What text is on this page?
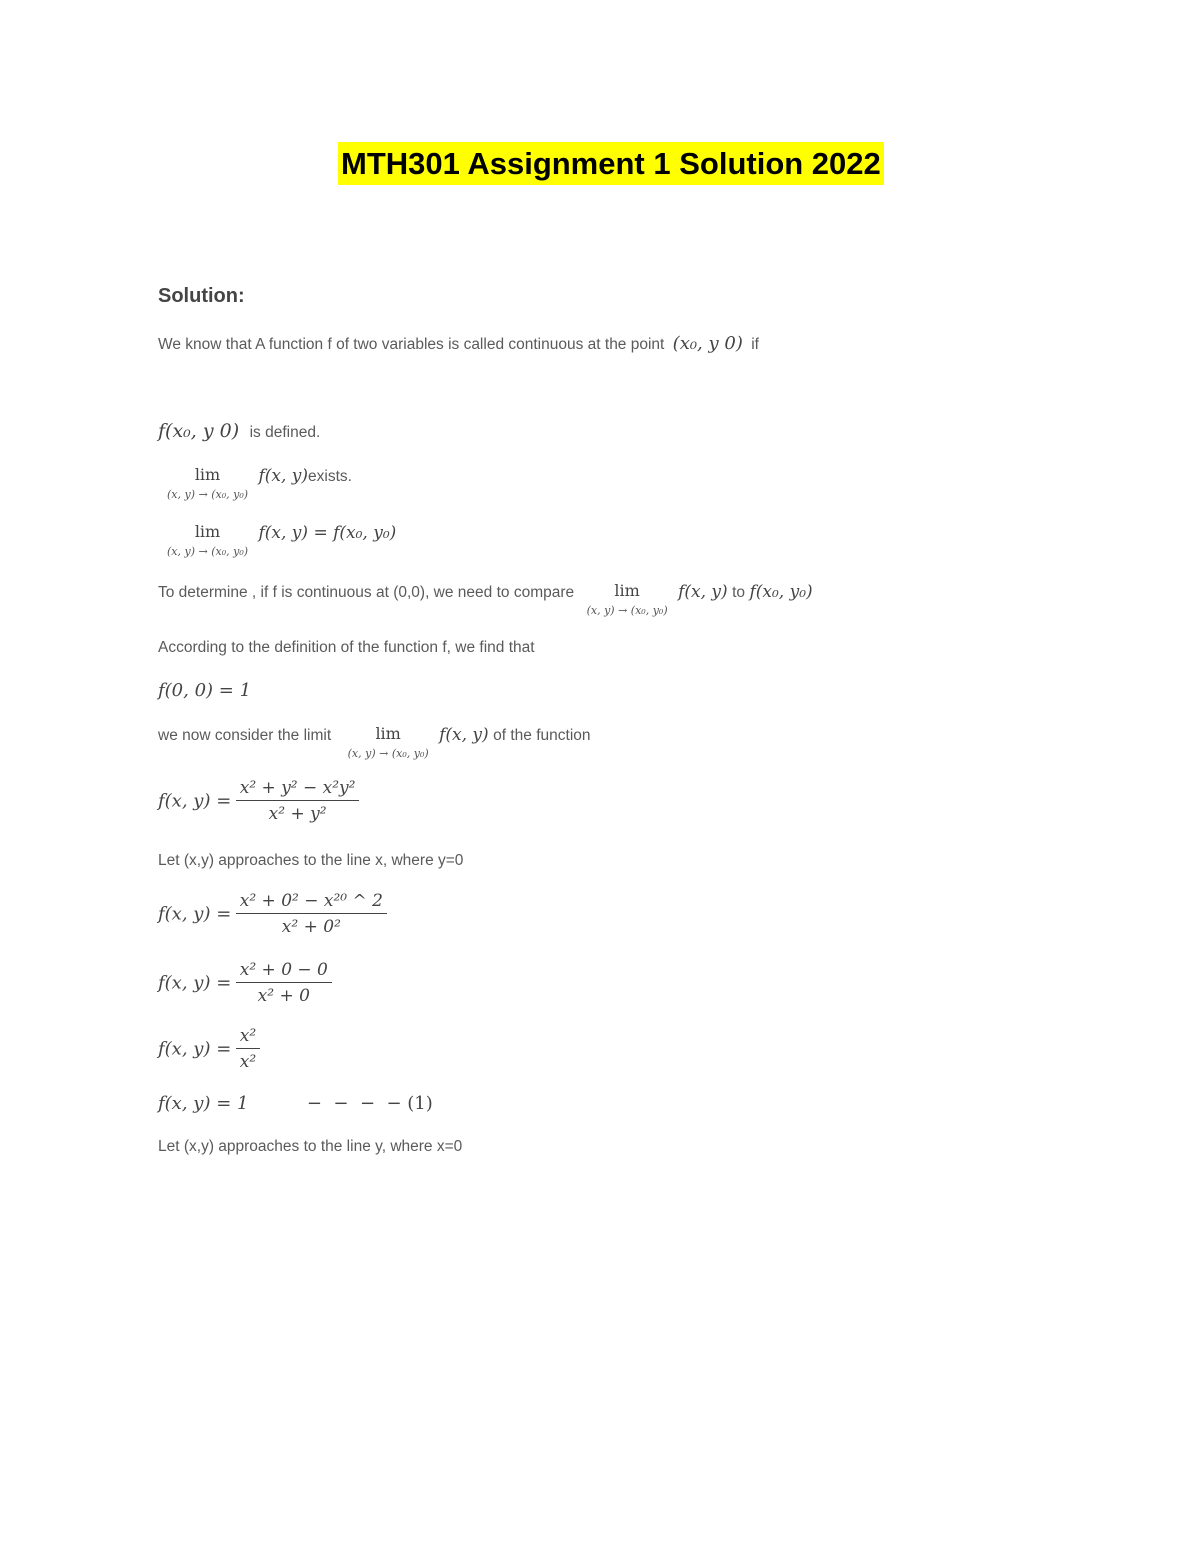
MTH301 Assignment 1 Solution 2022
Solution:
We know that A function f of two variables is called continuous at the point (x₀, y 0) if
f(x₀, y 0) is defined.
lim
(x, y) → (x₀, y₀) f(x, y)exists.
lim
(x, y) → (x₀, y₀) f(x, y) = f(x₀, y₀)
To determine , if f is continuous at (0,0), we need to compare	lim
(x, y) → (x₀, y₀) f(x, y) to f(x₀, y₀)
According to the definition of the function f, we find that
f(0, 0) = 1
we now consider the limit	lim
(x, y) → (x₀, y₀) f(x, y) of the function
f(x, $y) = \frac{\text{x² + y² − x²y²}}{\text{x² + y²}}$
Let (x,y) approaches to the line x, where y=0
f(x, $y) = \frac{\text{x² + 0² − x²⁰ \textasciicircum{} 2}}{\text{x² + 0²}}$
f(x, $y) = \frac{\text{x² + 0 − 0}}{\text{x² + 0}}$
f(x, $y) = \frac{\text{x²}}{\text{x²}}$
f(x, y) = 1	−  −  −  − (1)
Let (x,y) approaches to the line y, where x=0
